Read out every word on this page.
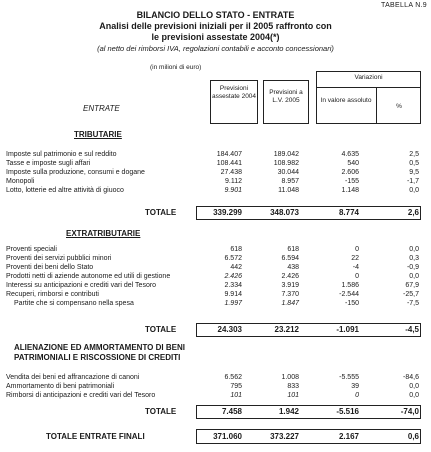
TABELLA N.9
BILANCIO DELLO STATO - ENTRATE
Analisi delle previsioni iniziali per il 2005 raffronto con
le previsioni assestate 2004(*)
(al netto dei rimborsi IVA, regolazioni contabili e acconto concessionari)
(in milioni di euro)
ENTRATE
Previsioni assestate 2004
Previsioni a L.V. 2005
Variazioni
In valore assoluto
%
TRIBUTARIE
Imposte sul patrimonio e sul reddito	184.407	189.042	4.635	2,5
Tasse e imposte sugli affari	108.441	108.982	540	0,5
Imposte sulla produzione, consumi e dogane	27.438	30.044	2.606	9,5
Monopoli	9.112	8.957	-155	-1,7
Lotto, lotterie ed altre attività di giuoco	9.901	11.048	1.148	0,0
TOTALE	339.299	348.073	8.774	2,6
EXTRATRIBUTARIE
Proventi speciali	618	618	0	0,0
Proventi dei servizi pubblici minori	6.572	6.594	22	0,3
Proventi dei beni dello Stato	442	438	-4	-0,9
Prodotti netti di aziende autonome ed utili di gestione	2.426	2.426	0	0,0
Interessi su anticipazioni e crediti vari del Tesoro	2.334	3.919	1.586	67,9
Recuperi, rimborsi e contributi	9.914	7.370	-2.544	-25,7
Partite che si compensano nella spesa	1.997	1.847	-150	-7,5
TOTALE	24.303	23.212	-1.091	-4,5
ALIENAZIONE ED AMMORTAMENTO DI BENI
PATRIMONIALI E RISCOSSIONE DI CREDITI
Vendita dei beni ed affrancazione di canoni	6.562	1.008	-5.555	-84,6
Ammortamento di beni patrimoniali	795	833	39	0,0
Rimborsi di anticipazioni e crediti vari del Tesoro	101	101	0	0,0
TOTALE	7.458	1.942	-5.516	-74,0
TOTALE ENTRATE FINALI	371.060	373.227	2.167	0,6
